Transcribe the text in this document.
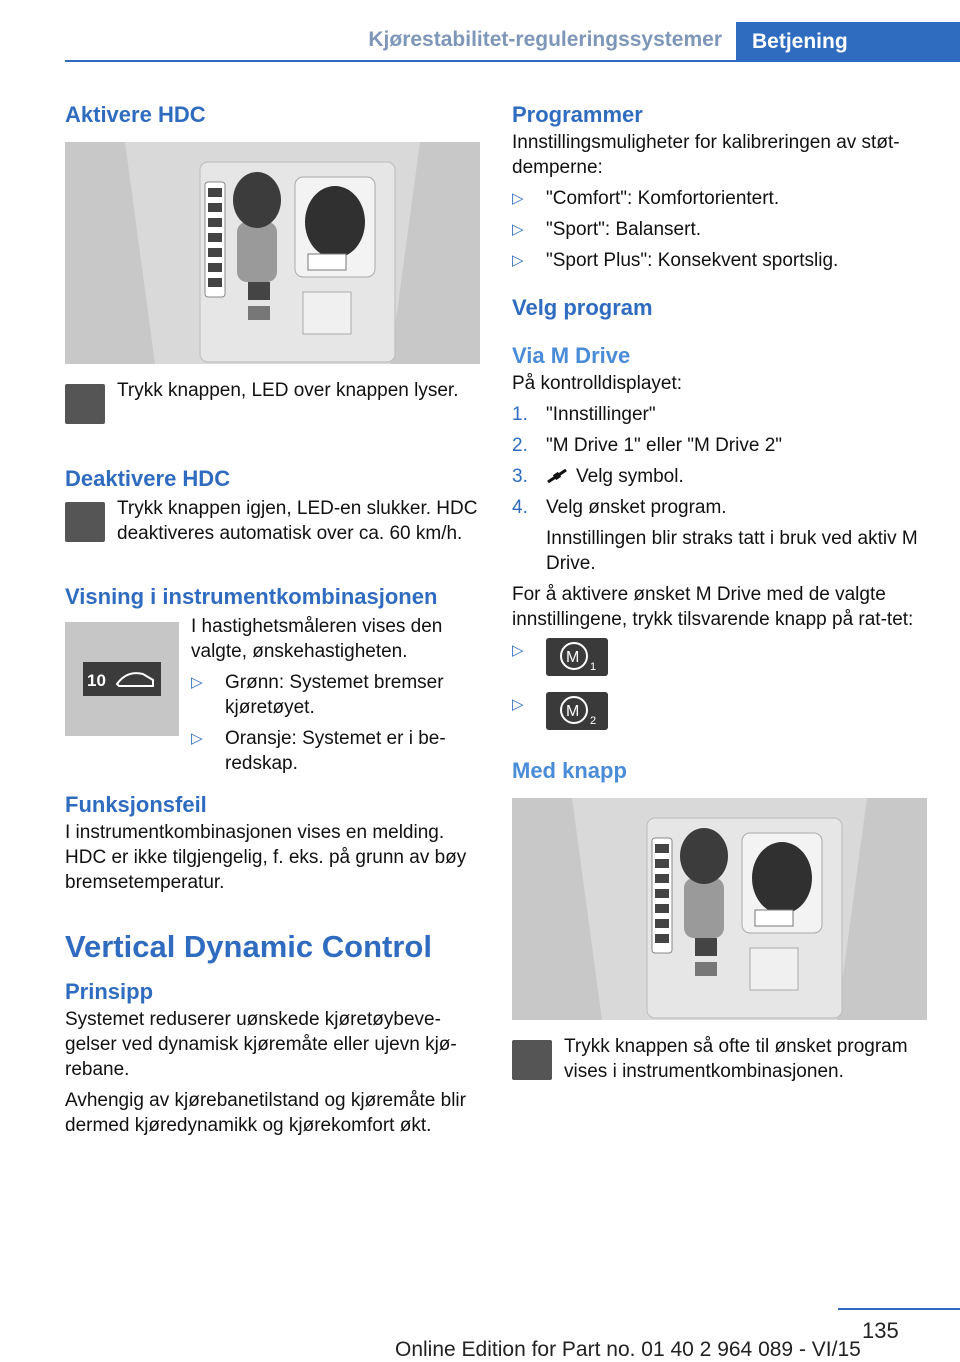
Kjørestabilitet-reguleringssystemer	Betjening
Aktivere HDC

Trykk knappen, LED over knappen lyser.

Deaktivere HDC

Trykk knappen igjen, LED-en slukker. HDC deaktiveres automatisk over ca. 60 km/h.

Visning i instrumentkombinasjonen
10

I hastighetsmåleren vises den valgte, ønskehastigheten.

▷ Grønn: Systemet bremser kjøretøyet.
▷ Oransje: Systemet er i be-redskap.
Funksjonsfeil

I instrumentkombinasjonen vises en melding. HDC er ikke tilgjengelig, f. eks. på grunn av bøy bremsetemperatur.

Vertical Dynamic Control
Prinsipp

Systemet reduserer uønskede kjøretøybeve-gelser ved dynamisk kjøremåte eller ujevn kjø-rebane.

Avhengig av kjørebanetilstand og kjøremåte blir dermed kjøredynamikk og kjørekomfort økt.

Programmer

Innstillingsmuligheter for kalibreringen av støt-demperne:

▷ "Comfort": Komfortorientert.
▷ "Sport": Balansert.
▷ "Sport Plus": Konsekvent sportslig.
Velg program
Via M Drive

På kontrolldisplayet:

1. "Innstillinger"
2. "M Drive 1" eller "M Drive 2"
3.	Velg symbol.
4. Velg ønsket program.

Innstillingen blir straks tatt i bruk ved aktiv M Drive.

For å aktivere ønsket M Drive med de valgte innstillingene, trykk tilsvarende knapp på rat-tet:

▷ M
1
▷ M
2
Med knapp

Trykk knappen så ofte til ønsket program vises i instrumentkombinasjonen.

135
Online Edition for Part no. 01 40 2 964 089 - VI/15
